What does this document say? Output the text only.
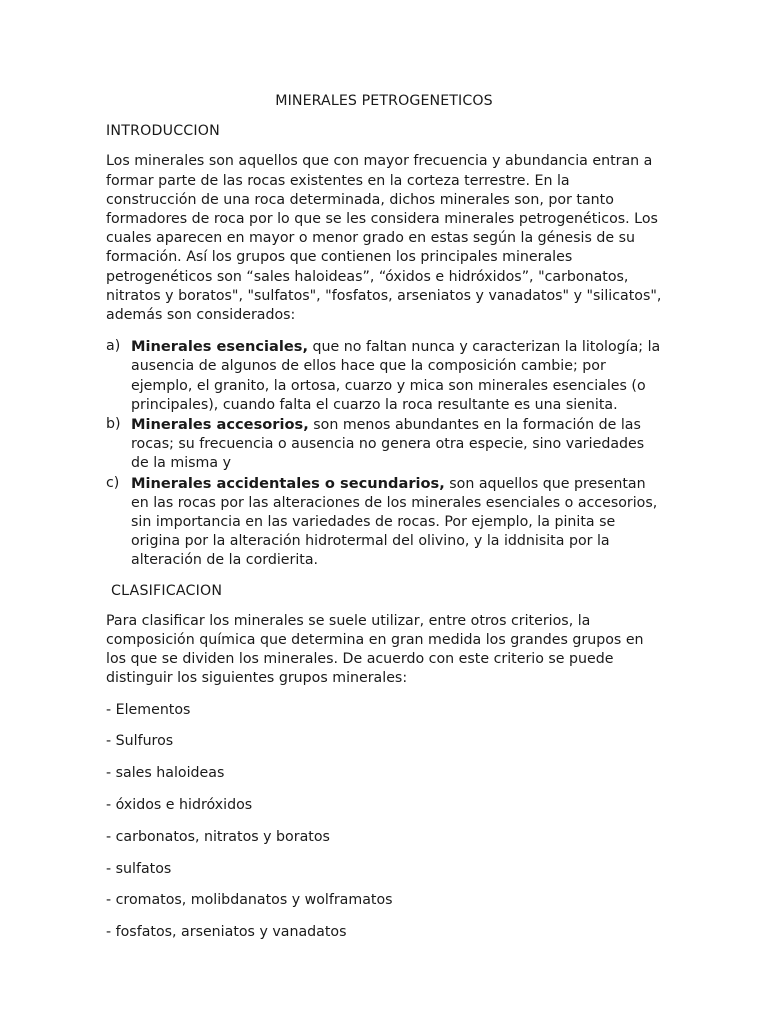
MINERALES PETROGENETICOS
INTRODUCCION

Los minerales son aquellos que con mayor frecuencia y abundancia entran a formar parte de las rocas existentes en la corteza terrestre. En la construcción de una roca determinada, dichos minerales son, por tanto formadores de roca por lo que se les considera minerales petrogenéticos. Los cuales aparecen en mayor o menor grado en estas según la génesis de su formación. Así los grupos que contienen los principales minerales petrogenéticos son “sales haloideas”, “óxidos e hidróxidos”, "carbonatos, nitratos y boratos", "sulfatos", "fosfatos, arseniatos y vanadatos" y "silicatos", además son considerados:

a) Minerales esenciales, que no faltan nunca y caracterizan la litología; la ausencia de algunos de ellos hace que la composición cambie; por ejemplo, el granito, la ortosa, cuarzo y mica son minerales esenciales (o principales), cuando falta el cuarzo la roca resultante es una sienita.
b) Minerales accesorios, son menos abundantes en la formación de las rocas; su frecuencia o ausencia no genera otra especie, sino variedades de la misma y
c) Minerales accidentales o secundarios, son aquellos que presentan en las rocas por las alteraciones de los minerales esenciales o accesorios, sin importancia en las variedades de rocas. Por ejemplo, la pinita se origina por la alteración hidrotermal del olivino, y la iddnisita por la alteración de la cordierita.
CLASIFICACION

Para clasificar los minerales se suele utilizar, entre otros criterios, la composición química que determina en gran medida los grandes grupos en los que se dividen los minerales. De acuerdo con este criterio se puede distinguir los siguientes grupos minerales:

- Elementos
- Sulfuros
- sales haloideas
- óxidos e hidróxidos
- carbonatos, nitratos y boratos
- sulfatos
- cromatos, molibdanatos y wolframatos
- fosfatos, arseniatos y vanadatos
